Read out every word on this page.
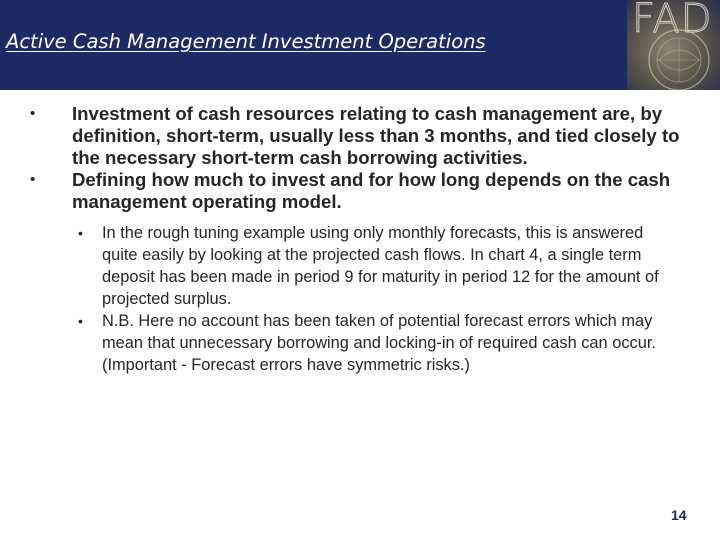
Active Cash Management Investment Operations	FAD
• Investment of cash resources relating to cash management are, by definition, short-term, usually less than 3 months, and tied closely to the necessary short-term cash borrowing activities.
• Defining how much to invest and for how long depends on the cash management operating model.
• In the rough tuning example using only monthly forecasts, this is answered quite easily by looking at the projected cash flows. In chart 4, a single term deposit has been made in period 9 for maturity in period 12 for the amount of projected surplus.
• N.B. Here no account has been taken of potential forecast errors which may mean that unnecessary borrowing and locking-in of required cash can occur. (Important - Forecast errors have symmetric risks.)
14
